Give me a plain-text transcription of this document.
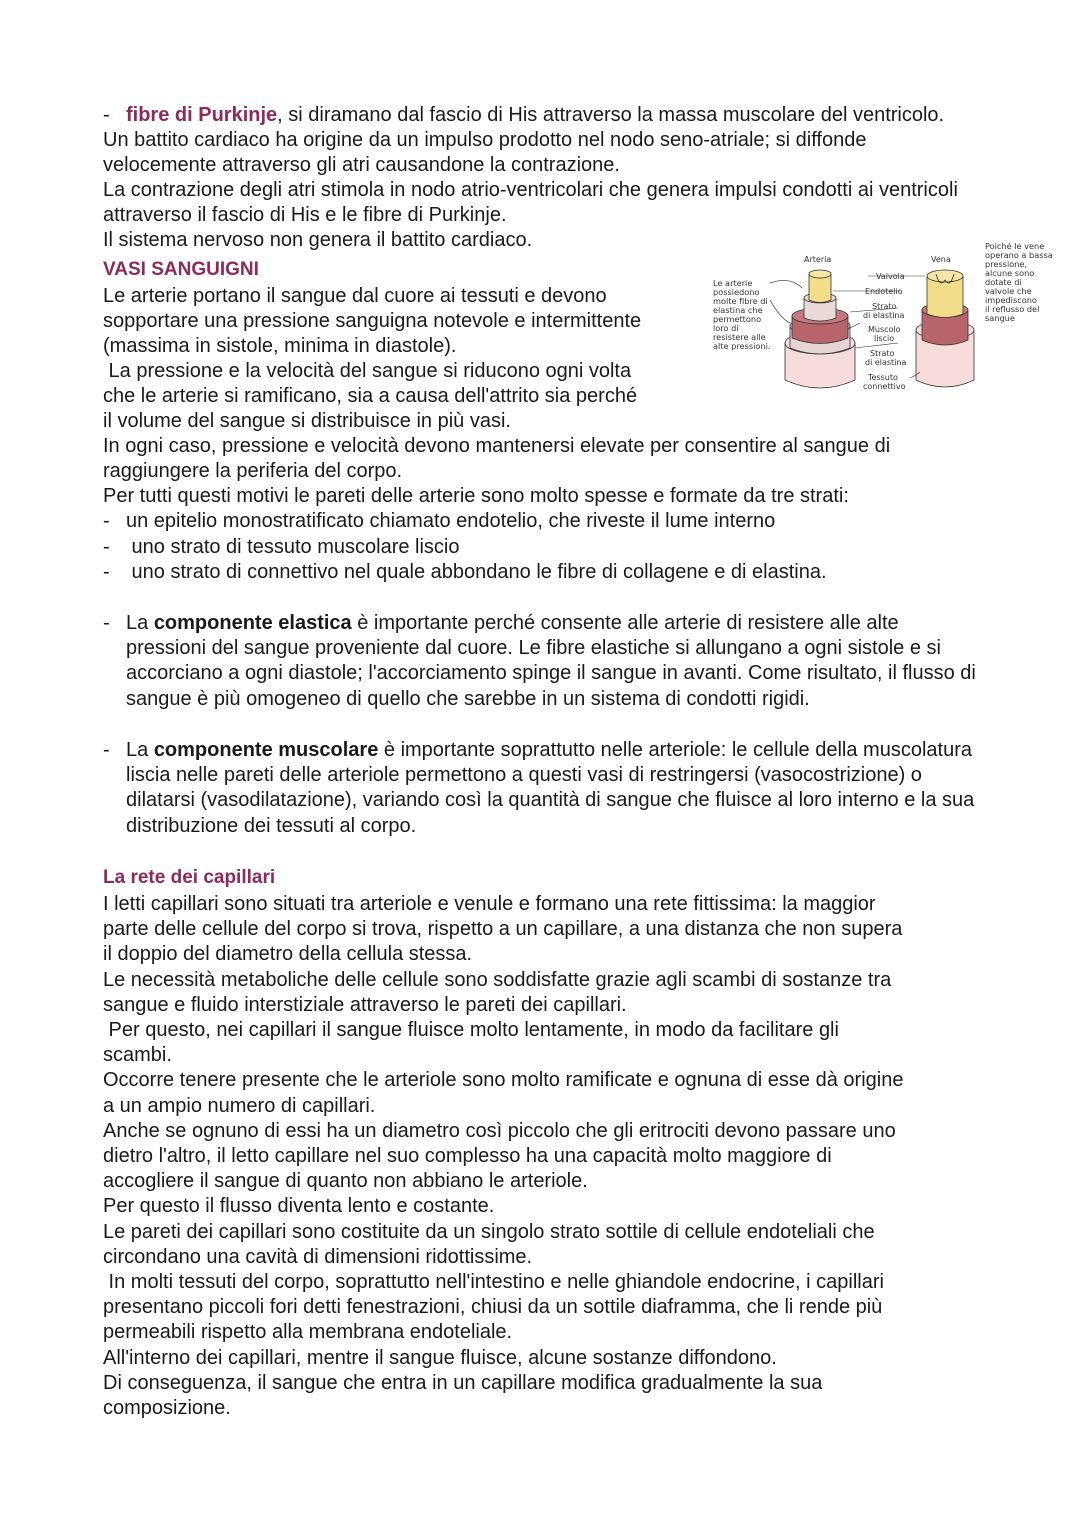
- fibre di Purkinje, si diramano dal fascio di His attraverso la massa muscolare del ventricolo.

Un battito cardiaco ha origine da un impulso prodotto nel nodo seno-atriale; si diffonde

velocemente attraverso gli atri causandone la contrazione.

La contrazione degli atri stimola in nodo atrio-ventricolari che genera impulsi condotti ai ventricoli

attraverso il fascio di His e le fibre di Purkinje.

Il sistema nervoso non genera il battito cardiaco.

VASI SANGUIGNI

Le arterie portano il sangue dal cuore ai tessuti e devono

sopportare una pressione sanguigna notevole e intermittente

(massima in sistole, minima in diastole).

La pressione e la velocità del sangue si riducono ogni volta

che le arterie si ramificano, sia a causa dell'attrito sia perché

il volume del sangue si distribuisce in più vasi.

In ogni caso, pressione e velocità devono mantenersi elevate per consentire al sangue di

raggiungere la periferia del corpo.

Per tutti questi motivi le pareti delle arterie sono molto spesse e formate da tre strati:

- un epitelio monostratificato chiamato endotelio, che riveste il lume interno
- uno strato di tessuto muscolare liscio
- uno strato di connettivo nel quale abbondano le fibre di collagene e di elastina.
- La componente elastica è importante perché consente alle arterie di resistere alle alte pressioni del sangue proveniente dal cuore. Le fibre elastiche si allungano a ogni sistole e si accorciano a ogni diastole; l'accorciamento spinge il sangue in avanti. Come risultato, il flusso di sangue è più omogeneo di quello che sarebbe in un sistema di condotti rigidi.
- La componente muscolare è importante soprattutto nelle arteriole: le cellule della muscolatura liscia nelle pareti delle arteriole permettono a questi vasi di restringersi (vasocostrizione) o dilatarsi (vasodilatazione), variando così la quantità di sangue che fluisce al loro interno e la sua distribuzione dei tessuti al corpo.
La rete dei capillari

I letti capillari sono situati tra arteriole e venule e formano una rete fittissima: la maggior

parte delle cellule del corpo si trova, rispetto a un capillare, a una distanza che non supera

il doppio del diametro della cellula stessa.

Le necessità metaboliche delle cellule sono soddisfatte grazie agli scambi di sostanze tra

sangue e fluido interstiziale attraverso le pareti dei capillari.

Per questo, nei capillari il sangue fluisce molto lentamente, in modo da facilitare gli

scambi.

Occorre tenere presente che le arteriole sono molto ramificate e ognuna di esse dà origine

a un ampio numero di capillari.

Anche se ognuno di essi ha un diametro così piccolo che gli eritrociti devono passare uno

dietro l'altro, il letto capillare nel suo complesso ha una capacità molto maggiore di

accogliere il sangue di quanto non abbiano le arteriole.

Per questo il flusso diventa lento e costante.

Le pareti dei capillari sono costituite da un singolo strato sottile di cellule endoteliali che

circondano una cavità di dimensioni ridottissime.

In molti tessuti del corpo, soprattutto nell'intestino e nelle ghiandole endocrine, i capillari

presentano piccoli fori detti fenestrazioni, chiusi da un sottile diaframma, che li rende più

permeabili rispetto alla membrana endoteliale.

All'interno dei capillari, mentre il sangue fluisce, alcune sostanze diffondono.

Di conseguenza, il sangue che entra in un capillare modifica gradualmente la sua

composizione.

Le arterie
possiedono
molte fibre di
elastina che
permettono
loro di
resistere alle
alte pressioni.

Poiché le vene
operano a bassa
pressione,
alcune sono
dotate di
valvole che
impediscono
il reflusso del
sangue

Arteria	Vena
Valvola
Endotelio
Strato
di elastina
Muscolo
liscio
Strato
di elastina
Tessuto
connettivo
